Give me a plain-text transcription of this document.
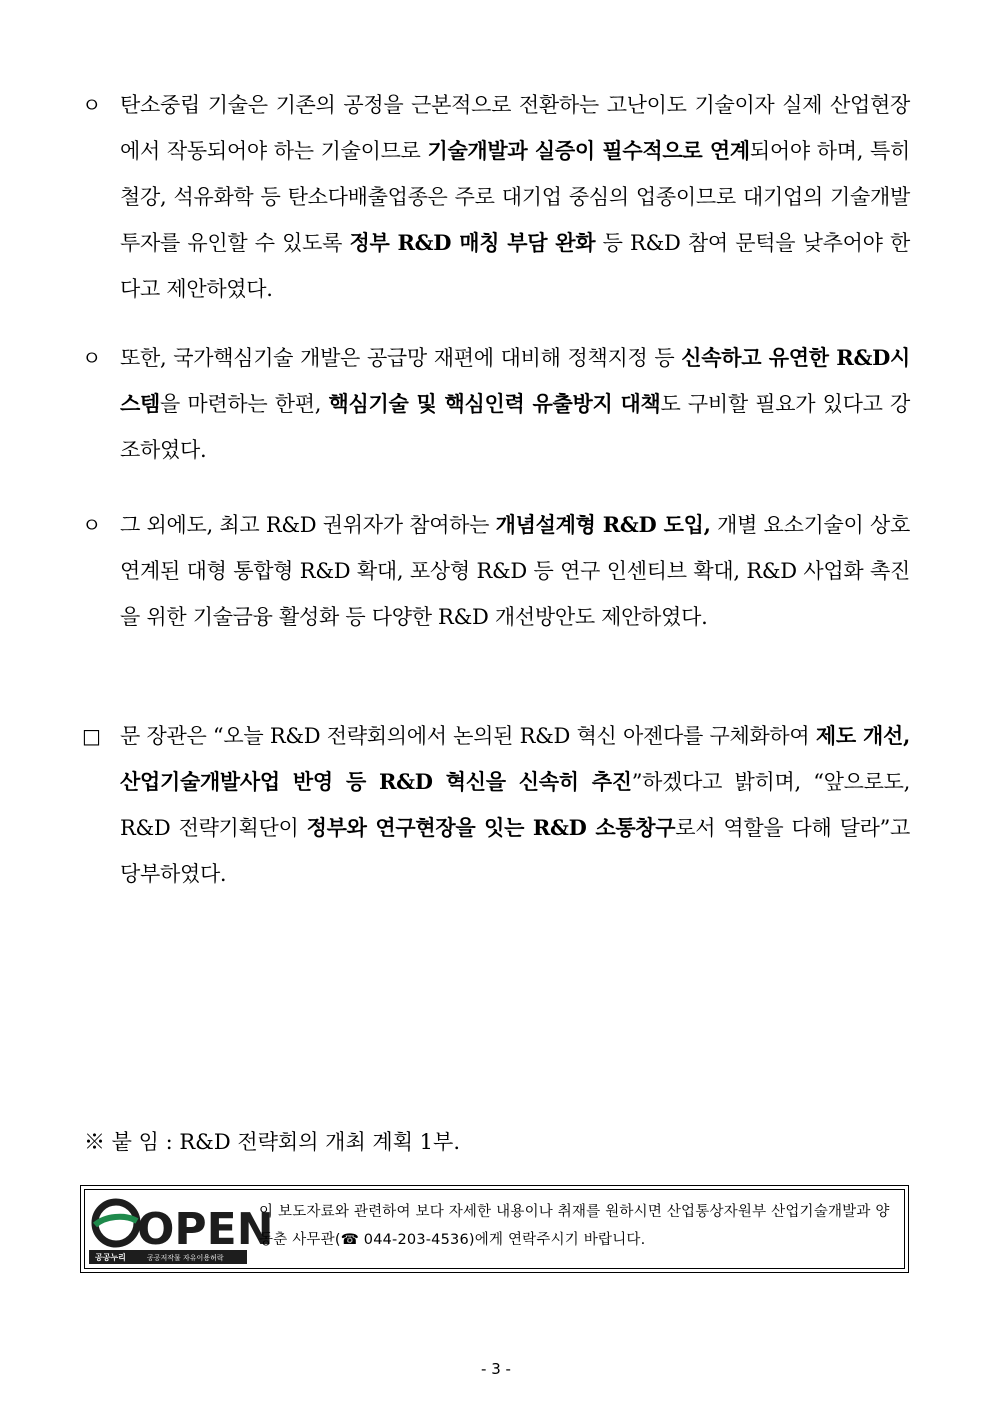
ㅇ 탄소중립 기술은 기존의 공정을 근본적으로 전환하는 고난이도 기술이자 실제 산업현장에서 작동되어야 하는 기술이므로 기술개발과 실증이 필수적으로 연계되어야 하며, 특히 철강, 석유화학 등 탄소다배출업종은 주로 대기업 중심의 업종이므로 대기업의 기술개발 투자를 유인할 수 있도록 정부 R&D 매칭 부담 완화 등 R&D 참여 문턱을 낮추어야 한다고 제안하였다.
ㅇ 또한, 국가핵심기술 개발은 공급망 재편에 대비해 정책지정 등 신속하고 유연한 R&D시스템을 마련하는 한편, 핵심기술 및 핵심인력 유출방지 대책도 구비할 필요가 있다고 강조하였다.
ㅇ 그 외에도, 최고 R&D 권위자가 참여하는 개념설계형 R&D 도입, 개별 요소기술이 상호 연계된 대형 통합형 R&D 확대, 포상형 R&D 등 연구 인센티브 확대, R&D 사업화 촉진을 위한 기술금융 활성화 등 다양한 R&D 개선방안도 제안하였다.
□ 문 장관은 “오늘 R&D 전략회의에서 논의된 R&D 혁신 아젠다를 구체화하여 제도 개선, 산업기술개발사업 반영 등 R&D 혁신을 신속히 추진”하겠다고 밝히며, “앞으로도, R&D 전략기획단이 정부와 연구현장을 잇는 R&D 소통창구로서 역할을 다해 달라”고 당부하였다.
※ 붙 임 : R&D 전략회의 개최 계획 1부.
OPEN
공공누리	공공저작물 자유이용허락
이 보도자료와 관련하여 보다 자세한 내용이나 취재를 원하시면 산업통상자원부 산업기술개발과 양동춘 사무관(☎ 044-203-4536)에게 연락주시기 바랍니다.
- 3 -
